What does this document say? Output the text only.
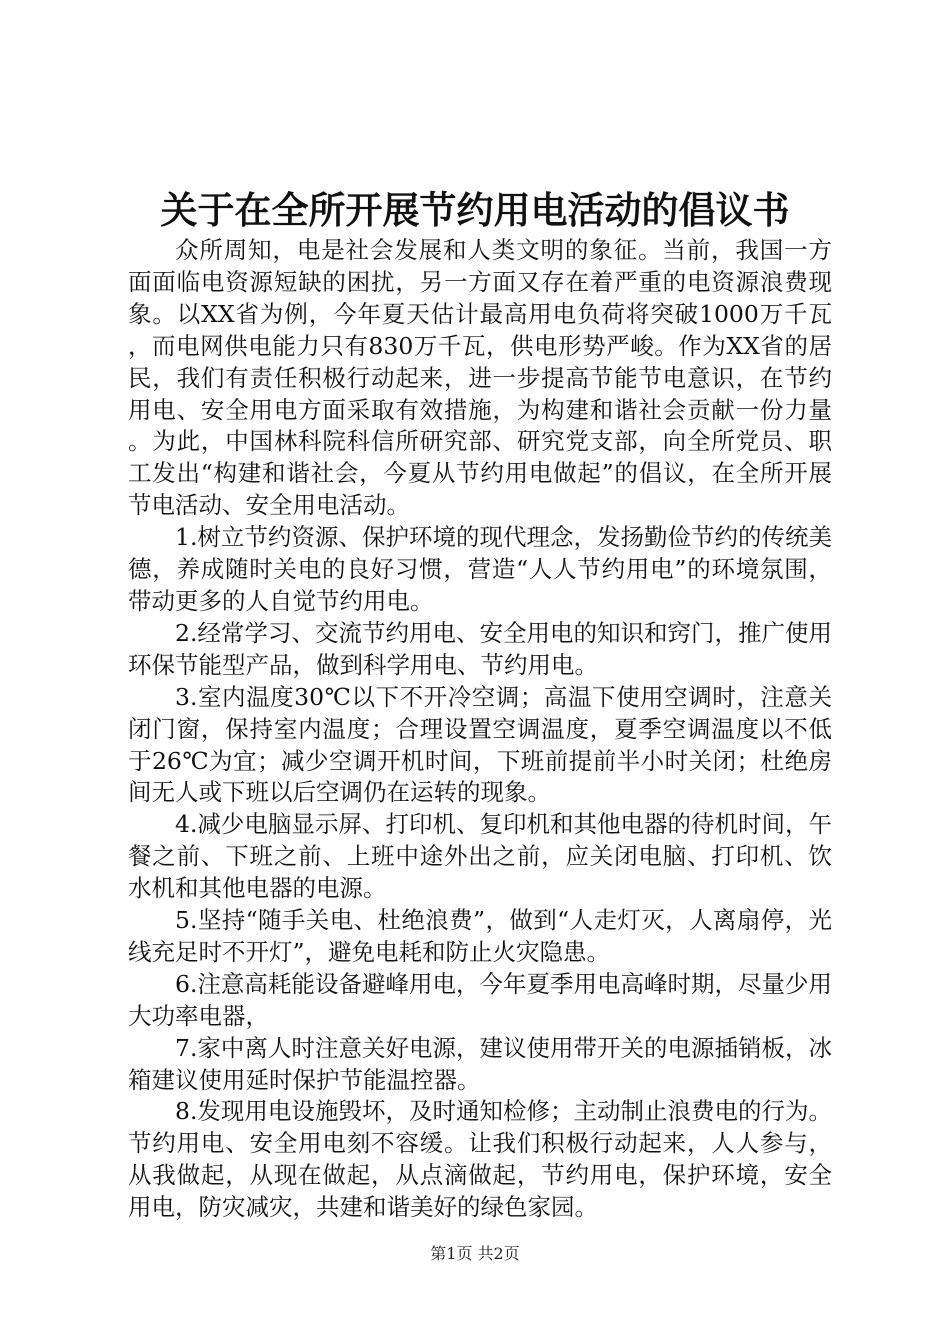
关于在全所开展节约用电活动的倡议书

众所周知，电是社会发展和人类文明的象征。当前，我国一方面面临电资源短缺的困扰，另一方面又存在着严重的电资源浪费现象。以XX省为例，今年夏天估计最高用电负荷将突破1000万千瓦，而电网供电能力只有830万千瓦，供电形势严峻。作为XX省的居民，我们有责任积极行动起来，进一步提高节能节电意识，在节约用电、安全用电方面采取有效措施，为构建和谐社会贡献一份力量。为此，中国林科院科信所研究部、研究党支部，向全所党员、职工发出“构建和谐社会，今夏从节约用电做起”的倡议，在全所开展节电活动、安全用电活动。

1.树立节约资源、保护环境的现代理念，发扬勤俭节约的传统美德，养成随时关电的良好习惯，营造“人人节约用电”的环境氛围，带动更多的人自觉节约用电。

2.经常学习、交流节约用电、安全用电的知识和窍门，推广使用环保节能型产品，做到科学用电、节约用电。

3.室内温度30℃以下不开冷空调；高温下使用空调时，注意关闭门窗，保持室内温度；合理设置空调温度，夏季空调温度以不低于26℃为宜；减少空调开机时间，下班前提前半小时关闭；杜绝房间无人或下班以后空调仍在运转的现象。

4.减少电脑显示屏、打印机、复印机和其他电器的待机时间，午餐之前、下班之前、上班中途外出之前，应关闭电脑、打印机、饮水机和其他电器的电源。

5.坚持“随手关电、杜绝浪费”，做到“人走灯灭，人离扇停，光线充足时不开灯”，避免电耗和防止火灾隐患。

6.注意高耗能设备避峰用电，今年夏季用电高峰时期，尽量少用大功率电器，

7.家中离人时注意关好电源，建议使用带开关的电源插销板，冰箱建议使用延时保护节能温控器。

8.发现用电设施毁坏，及时通知检修；主动制止浪费电的行为。节约用电、安全用电刻不容缓。让我们积极行动起来，人人参与，从我做起，从现在做起，从点滴做起，节约用电，保护环境，安全用电，防灾减灾，共建和谐美好的绿色家园。

第1页 共2页
